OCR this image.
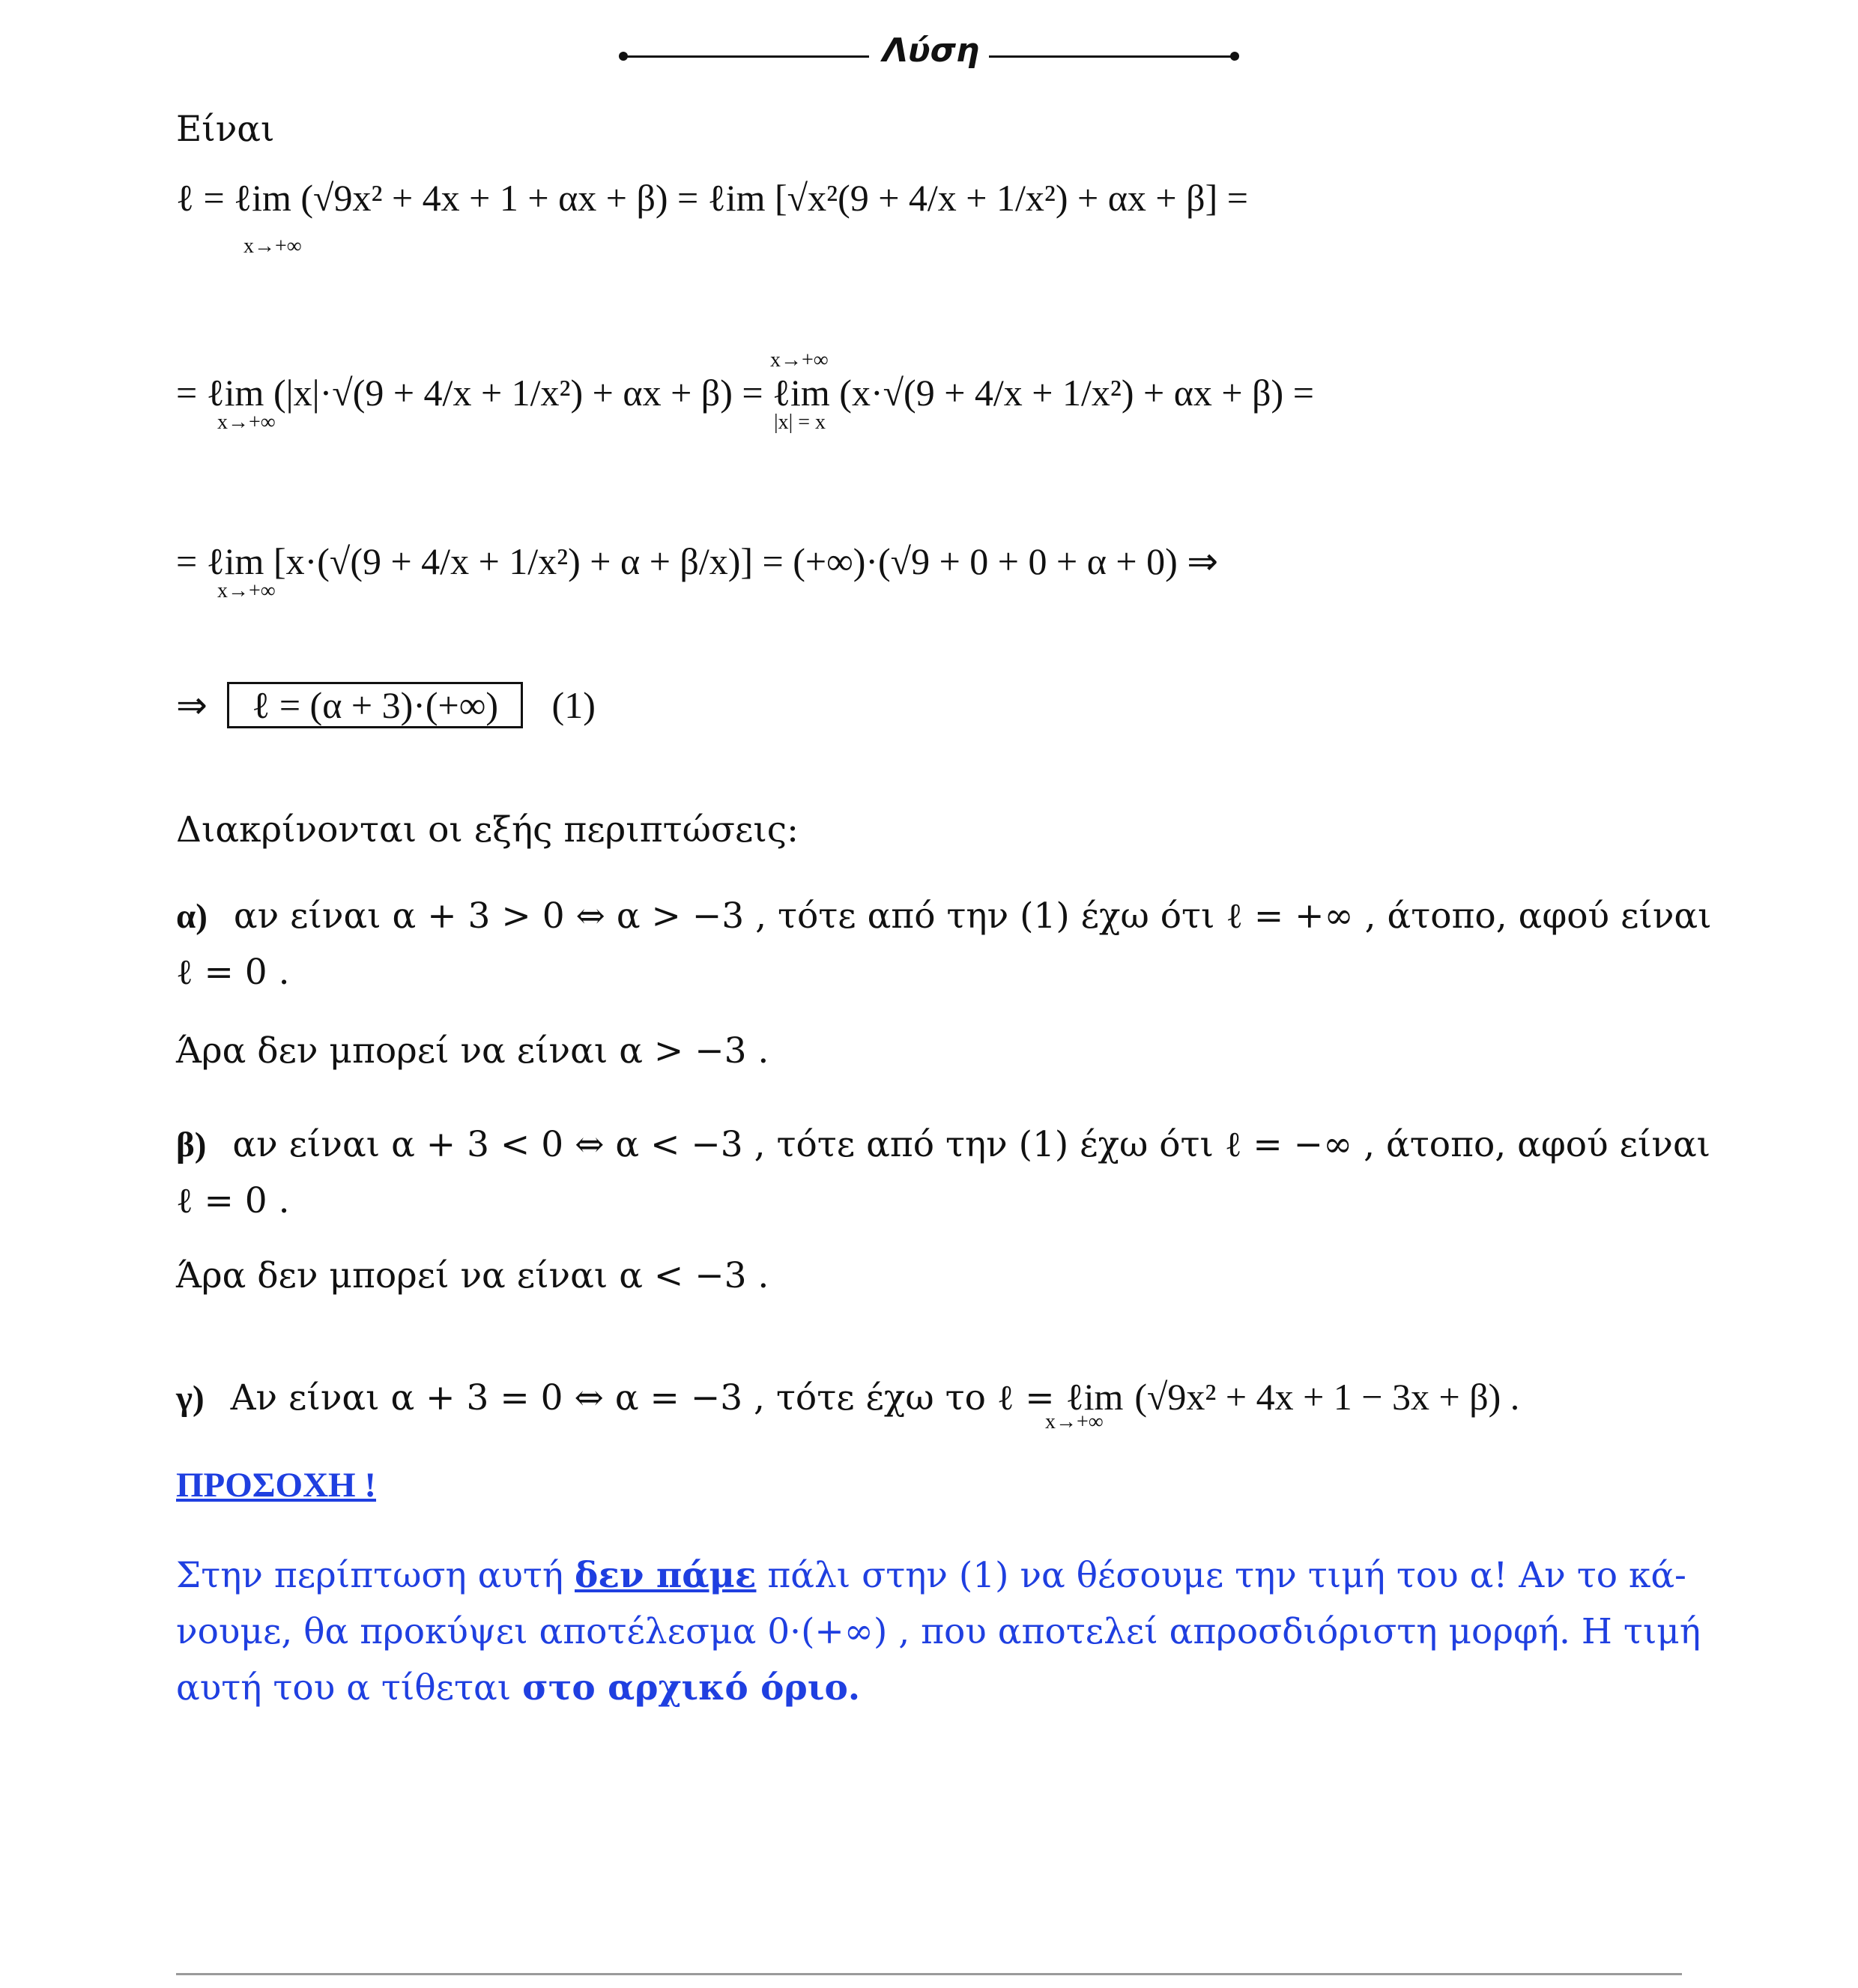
Λύση
Είναι
ℓ = ℓim (√9x² + 4x + 1 + αx + β) = ℓim [√x²(9 + 4/x + 1/x²) + αx + β] =
x→+∞
= ℓim (|x|·√(9 + 4/x + 1/x²) + αx + β) = ℓim (x·√(9 + 4/x + 1/x²) + αx + β) =
x→+∞
x→+∞
|x| = x
= ℓim [x·(√(9 + 4/x + 1/x²) + α + β/x)] = (+∞)·(√9 + 0 + 0 + α + 0) ⇒
x→+∞
⇒ ℓ = (α + 3)·(+∞) (1)
Διακρίνονται οι εξής περιπτώσεις:
α) αν είναι α + 3 > 0 ⇔ α > −3 , τότε από την (1) έχω ότι ℓ = +∞ , άτοπο, αφού είναι
ℓ = 0 .
Άρα δεν μπορεί να είναι α > −3 .
β) αν είναι α + 3 < 0 ⇔ α < −3 , τότε από την (1) έχω ότι ℓ = −∞ , άτοπο, αφού είναι
ℓ = 0 .
Άρα δεν μπορεί να είναι α < −3 .
γ) Αν είναι α + 3 = 0 ⇔ α = −3 , τότε έχω το ℓ = ℓim (√9x² + 4x + 1 − 3x + β) .
x→+∞
ΠΡΟΣΟΧΗ !
Στην περίπτωση αυτή δεν πάμε πάλι στην (1) να θέσουμε την τιμή του α! Αν το κά-
νουμε, θα προκύψει αποτέλεσμα 0·(+∞) , που αποτελεί απροσδιόριστη μορφή. Η τιμή
αυτή του α τίθεται στο αρχικό όριο.
